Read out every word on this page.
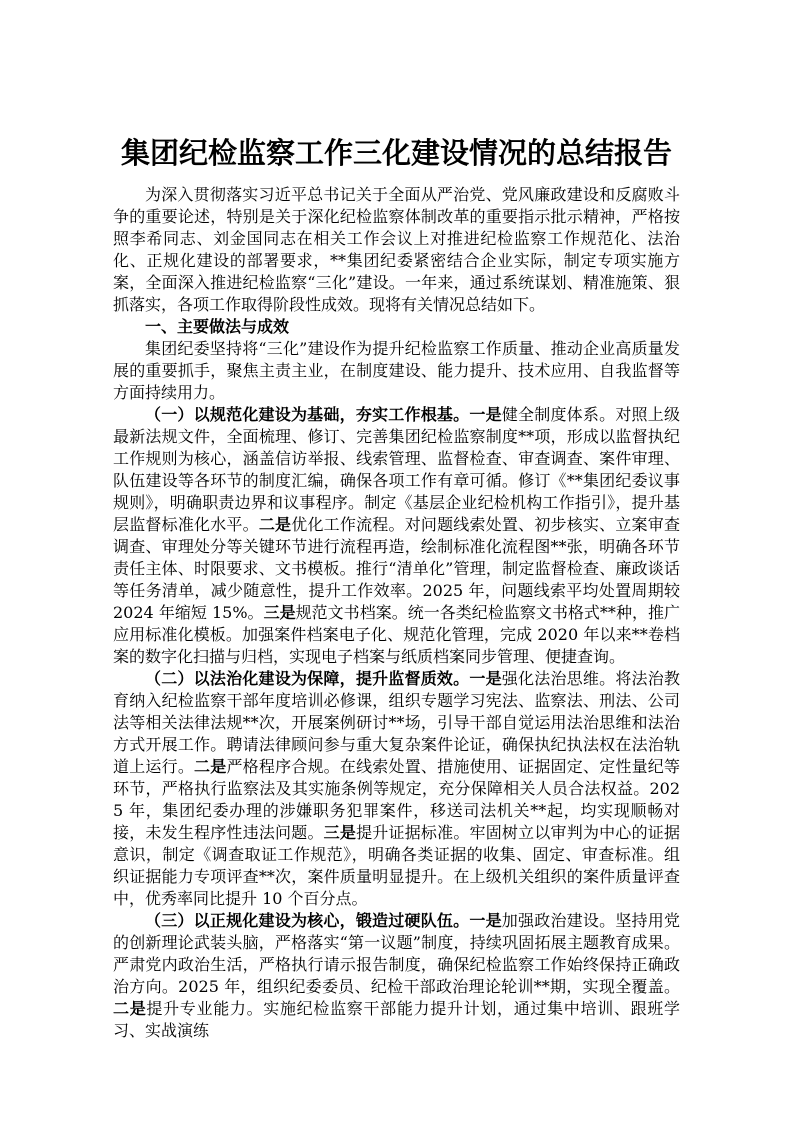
集团纪检监察工作三化建设情况的总结报告

为深入贯彻落实习近平总书记关于全面从严治党、党风廉政建设和反腐败斗争的重要论述，特别是关于深化纪检监察体制改革的重要指示批示精神，严格按照李希同志、刘金国同志在相关工作会议上对推进纪检监察工作规范化、法治化、正规化建设的部署要求，**集团纪委紧密结合企业实际，制定专项实施方案，全面深入推进纪检监察“三化”建设。一年来，通过系统谋划、精准施策、狠抓落实，各项工作取得阶段性成效。现将有关情况总结如下。

一、主要做法与成效

集团纪委坚持将“三化”建设作为提升纪检监察工作质量、推动企业高质量发展的重要抓手，聚焦主责主业，在制度建设、能力提升、技术应用、自我监督等方面持续用力。

（一）以规范化建设为基础，夯实工作根基。一是健全制度体系。对照上级最新法规文件，全面梳理、修订、完善集团纪检监察制度**项，形成以监督执纪工作规则为核心，涵盖信访举报、线索管理、监督检查、审查调查、案件审理、队伍建设等各环节的制度汇编，确保各项工作有章可循。修订《**集团纪委议事规则》，明确职责边界和议事程序。制定《基层企业纪检机构工作指引》，提升基层监督标准化水平。二是优化工作流程。对问题线索处置、初步核实、立案审查调查、审理处分等关键环节进行流程再造，绘制标准化流程图**张，明确各环节责任主体、时限要求、文书模板。推行“清单化”管理，制定监督检查、廉政谈话等任务清单，减少随意性，提升工作效率。2025 年，问题线索平均处置周期较 2024 年缩短 15%。三是规范文书档案。统一各类纪检监察文书格式**种，推广应用标准化模板。加强案件档案电子化、规范化管理，完成 2020 年以来**卷档案的数字化扫描与归档，实现电子档案与纸质档案同步管理、便捷查询。

（二）以法治化建设为保障，提升监督质效。一是强化法治思维。将法治教育纳入纪检监察干部年度培训必修课，组织专题学习宪法、监察法、刑法、公司法等相关法律法规**次，开展案例研讨**场，引导干部自觉运用法治思维和法治方式开展工作。聘请法律顾问参与重大复杂案件论证，确保执纪执法权在法治轨道上运行。二是严格程序合规。在线索处置、措施使用、证据固定、定性量纪等环节，严格执行监察法及其实施条例等规定，充分保障相关人员合法权益。2025 年，集团纪委办理的涉嫌职务犯罪案件，移送司法机关**起，均实现顺畅对接，未发生程序性违法问题。三是提升证据标准。牢固树立以审判为中心的证据意识，制定《调查取证工作规范》，明确各类证据的收集、固定、审查标准。组织证据能力专项评查**次，案件质量明显提升。在上级机关组织的案件质量评查中，优秀率同比提升 10 个百分点。

（三）以正规化建设为核心，锻造过硬队伍。一是加强政治建设。坚持用党的创新理论武装头脑，严格落实“第一议题”制度，持续巩固拓展主题教育成果。严肃党内政治生活，严格执行请示报告制度，确保纪检监察工作始终保持正确政治方向。2025 年，组织纪委委员、纪检干部政治理论轮训**期，实现全覆盖。二是提升专业能力。实施纪检监察干部能力提升计划，通过集中培训、跟班学习、实战演练
